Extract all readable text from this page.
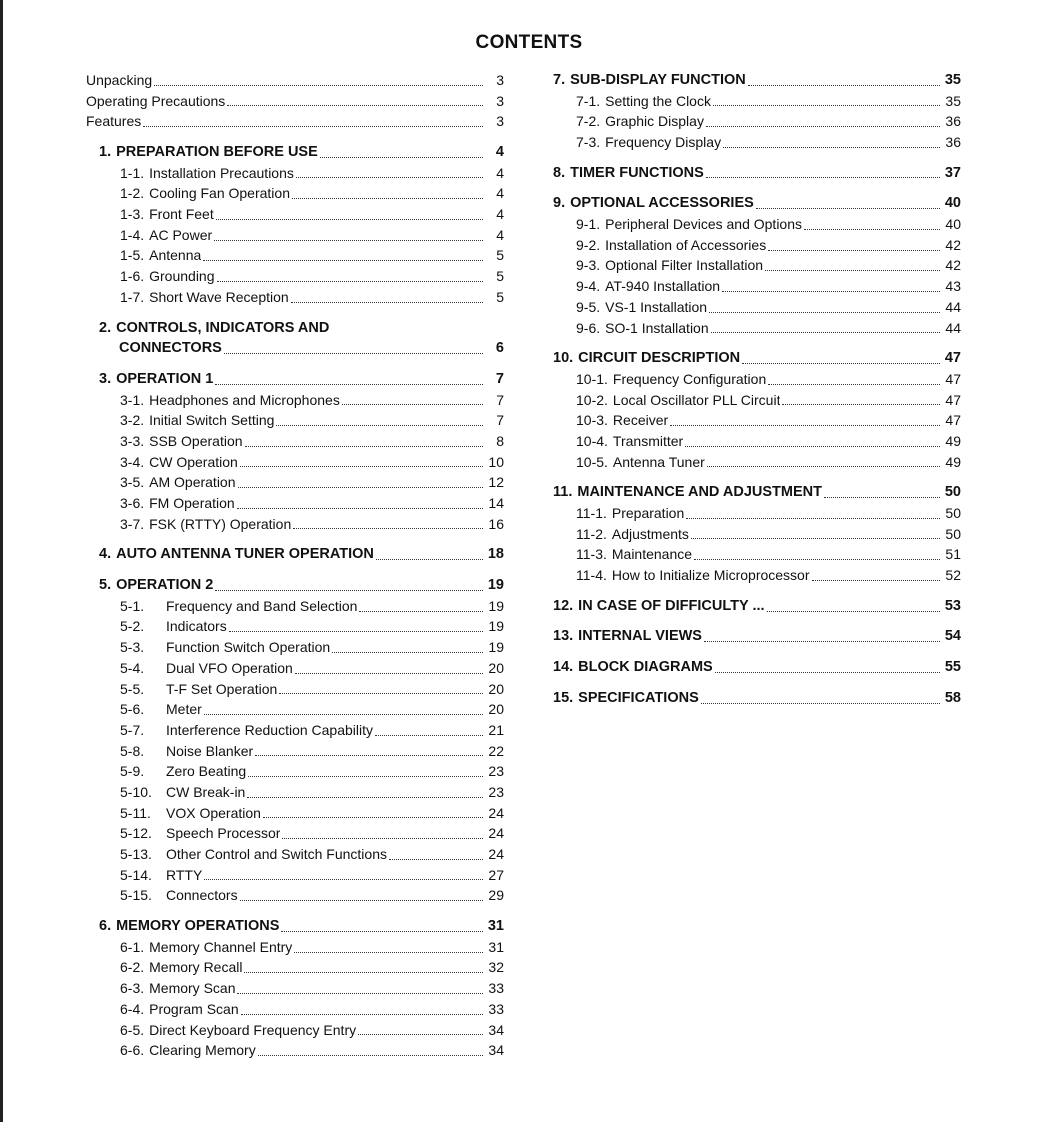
CONTENTS
Unpacking	3
Operating Precautions	3
Features	3
1. PREPARATION BEFORE USE	4
1-1. Installation Precautions	4
1-2. Cooling Fan Operation	4
1-3. Front Feet	4
1-4. AC Power	4
1-5. Antenna	5
1-6. Grounding	5
1-7. Short Wave Reception	5
2. CONTROLS, INDICATORS AND
CONNECTORS	6
3. OPERATION 1	7
3-1. Headphones and Microphones	7
3-2. Initial Switch Setting	7
3-3. SSB Operation	8
3-4. CW Operation	10
3-5. AM Operation	12
3-6. FM Operation	14
3-7. FSK (RTTY) Operation	16
4. AUTO ANTENNA TUNER OPERATION	18
5. OPERATION 2	19
5-1.	Frequency and Band Selection	19
5-2.	Indicators	19
5-3.	Function Switch Operation	19
5-4.	Dual VFO Operation	20
5-5.	T-F Set Operation	20
5-6.	Meter	20
5-7.	Interference Reduction Capability	21
5-8.	Noise Blanker	22
5-9.	Zero Beating	23
5-10.	CW Break-in	23
5-11.	VOX Operation	24
5-12.	Speech Processor	24
5-13.	Other Control and Switch Functions	24
5-14.	RTTY	27
5-15.	Connectors	29
6. MEMORY OPERATIONS	31
6-1. Memory Channel Entry	31
6-2. Memory Recall	32
6-3. Memory Scan	33
6-4. Program Scan	33
6-5. Direct Keyboard Frequency Entry	34
6-6. Clearing Memory	34
7. SUB-DISPLAY FUNCTION	35
7-1. Setting the Clock	35
7-2. Graphic Display	36
7-3. Frequency Display	36
8. TIMER FUNCTIONS	37
9. OPTIONAL ACCESSORIES	40
9-1. Peripheral Devices and Options	40
9-2. Installation of Accessories	42
9-3. Optional Filter Installation	42
9-4. AT-940 Installation	43
9-5. VS-1 Installation	44
9-6. SO-1 Installation	44
10. CIRCUIT DESCRIPTION	47
10-1. Frequency Configuration	47
10-2. Local Oscillator PLL Circuit	47
10-3. Receiver	47
10-4. Transmitter	49
10-5. Antenna Tuner	49
11. MAINTENANCE AND ADJUSTMENT	50
11-1. Preparation	50
11-2. Adjustments	50
11-3. Maintenance	51
11-4. How to Initialize Microprocessor	52
12. IN CASE OF DIFFICULTY ...	53
13. INTERNAL VIEWS	54
14. BLOCK DIAGRAMS	55
15. SPECIFICATIONS	58
